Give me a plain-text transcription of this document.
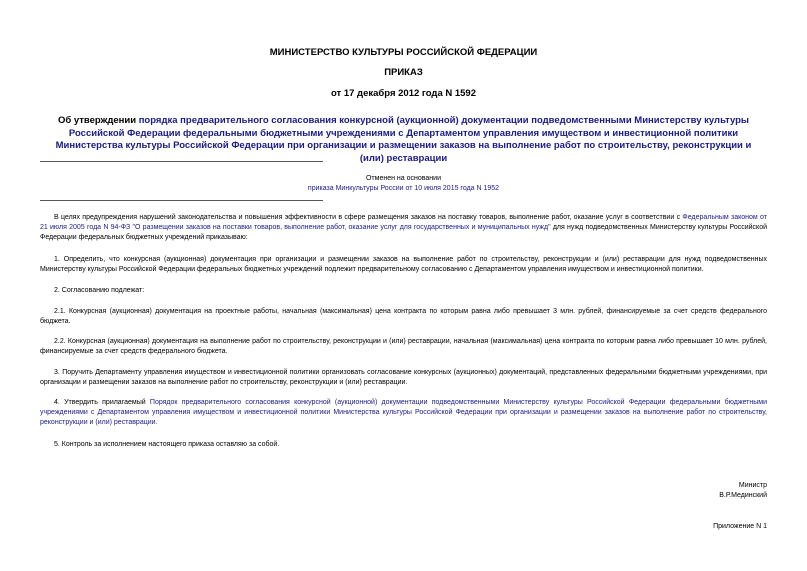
МИНИСТЕРСТВО КУЛЬТУРЫ РОССИЙСКОЙ ФЕДЕРАЦИИ
ПРИКАЗ
от 17 декабря 2012 года N 1592
Об утверждении порядка предварительного согласования конкурсной (аукционной) документации подведомственными Министерству культуры Российской Федерации федеральными бюджетными учреждениями с Департаментом управления имуществом и инвестиционной политики Министерства культуры Российской Федерации при организации и размещении заказов на выполнение работ по строительству, реконструкции и (или) реставрации
Отменен на основании
приказа Минкультуры России от 10 июля 2015 года N 1952
В целях предупреждения нарушений законодательства и повышения эффективности в сфере размещения заказов на поставку товаров, выполнение работ, оказание услуг в соответствии с Федеральным законом от 21 июля 2005 года N 94-ФЗ "О размещении заказов на поставки товаров, выполнение работ, оказание услуг для государственных и муниципальных нужд" для нужд подведомственных Министерству культуры Российской Федерации федеральных бюджетных учреждений приказываю:
1. Определить, что конкурсная (аукционная) документация при организации и размещении заказов на выполнение работ по строительству, реконструкции и (или) реставрации для нужд подведомственных Министерству культуры Российской Федерации федеральных бюджетных учреждений подлежит предварительному согласованию с Департаментом управления имуществом и инвестиционной политики.
2. Согласованию подлежат:
2.1. Конкурсная (аукционная) документация на проектные работы, начальная (максимальная) цена контракта по которым равна либо превышает 3 млн. рублей, финансируемые за счет средств федерального бюджета.
2.2. Конкурсная (аукционная) документация на выполнение работ по строительству, реконструкции и (или) реставрации, начальная (максимальная) цена контракта по которым равна либо превышает 10 млн. рублей, финансируемые за счет средств федерального бюджета.
3. Поручить Департаменту управления имуществом и инвестиционной политики организовать согласование конкурсных (аукционных) документаций, представленных федеральными бюджетными учреждениями, при организации и размещении заказов на выполнение работ по строительству, реконструкции и (или) реставрации.
4. Утвердить прилагаемый Порядок предварительного согласования конкурсной (аукционной) документации подведомственными Министерству культуры Российской Федерации федеральными бюджетными учреждениями с Департаментом управления имуществом и инвестиционной политики Министерства культуры Российской Федерации при организации и размещении заказов на выполнение работ по строительству, реконструкции и (или) реставрации.
5. Контроль за исполнением настоящего приказа оставляю за собой.
Министр
В.Р.Мединский
Приложение N 1
